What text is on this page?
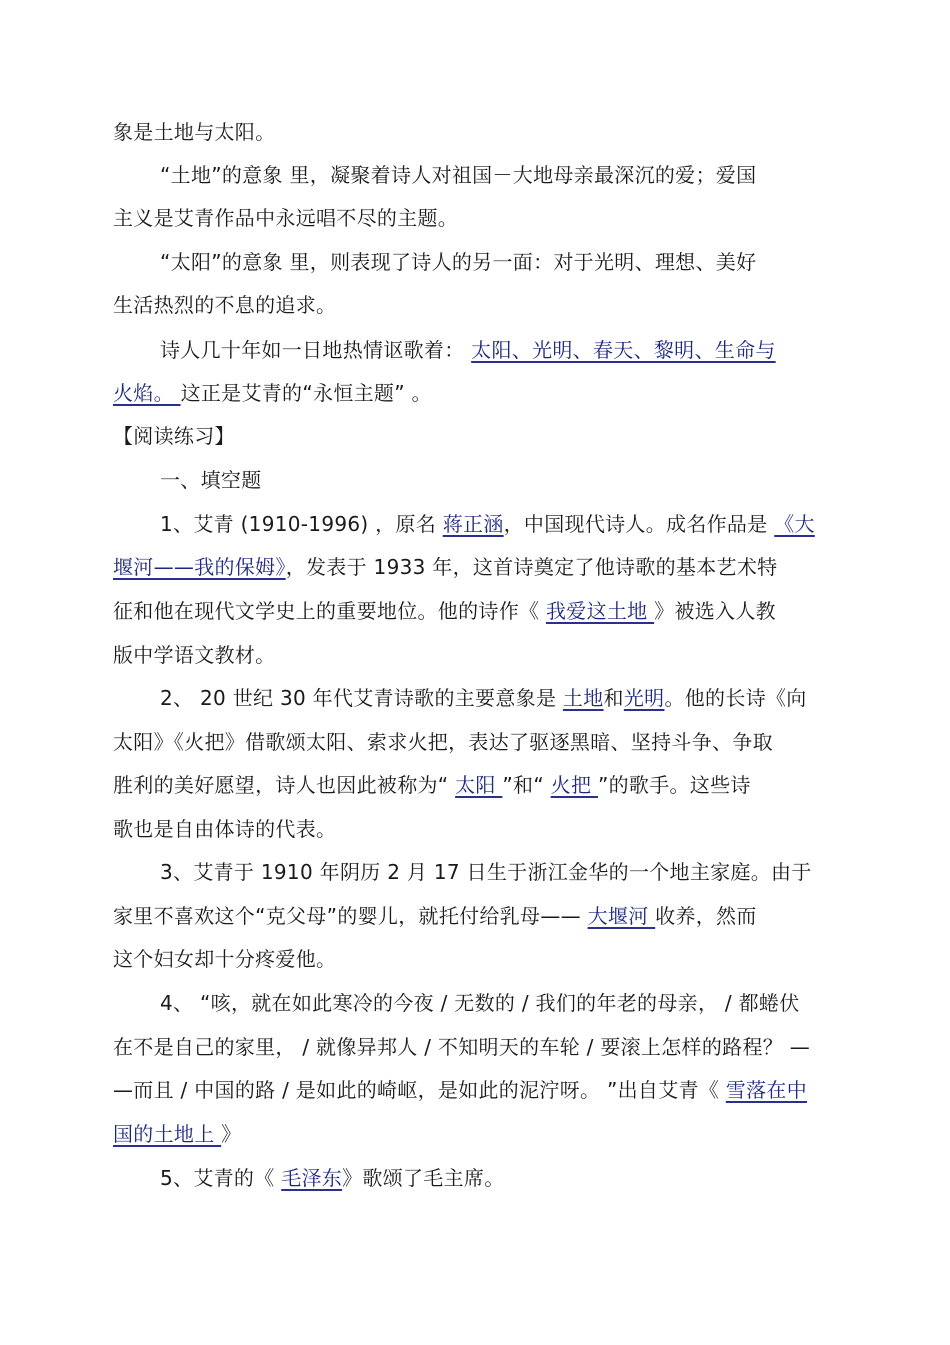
象是土地与太阳。
“土地”的意象 里，凝聚着诗人对祖国－大地母亲最深沉的爱；爱国
主义是艾青作品中永远唱不尽的主题。
“太阳”的意象 里，则表现了诗人的另一面：对于光明、理想、美好
生活热烈的不息的追求。
诗人几十年如一日地热情讴歌着： 太阳、光明、春天、黎明、生命与
火焰。 这正是艾青的“永恒主题” 。
【阅读练习】
一、填空题
1、艾青 (1910-1996) ，原名 蒋正涵，中国现代诗人。成名作品是 《大
堰河——我的保姆》，发表于 1933 年，这首诗奠定了他诗歌的基本艺术特
征和他在现代文学史上的重要地位。他的诗作《 我爱这土地 》被选入人教
版中学语文教材。
2、 20 世纪 30 年代艾青诗歌的主要意象是 土地和光明。他的长诗《向
太阳》《火把》借歌颂太阳、索求火把，表达了驱逐黑暗、坚持斗争、争取
胜利的美好愿望，诗人也因此被称为“ 太阳 ”和“ 火把 ”的歌手。这些诗
歌也是自由体诗的代表。
3、艾青于 1910 年阴历 2 月 17 日生于浙江金华的一个地主家庭。由于
家里不喜欢这个“克父母”的婴儿，就托付给乳母—— 大堰河 收养，然而
这个妇女却十分疼爱他。
4、 “咳，就在如此寒冷的今夜 / 无数的 / 我们的年老的母亲， / 都蜷伏
在不是自己的家里， / 就像异邦人 / 不知明天的车轮 / 要滚上怎样的路程？ —
—而且 / 中国的路 / 是如此的崎岖，是如此的泥泞呀。 ”出自艾青《 雪落在中
国的土地上 》
5、艾青的《 毛泽东》歌颂了毛主席。
